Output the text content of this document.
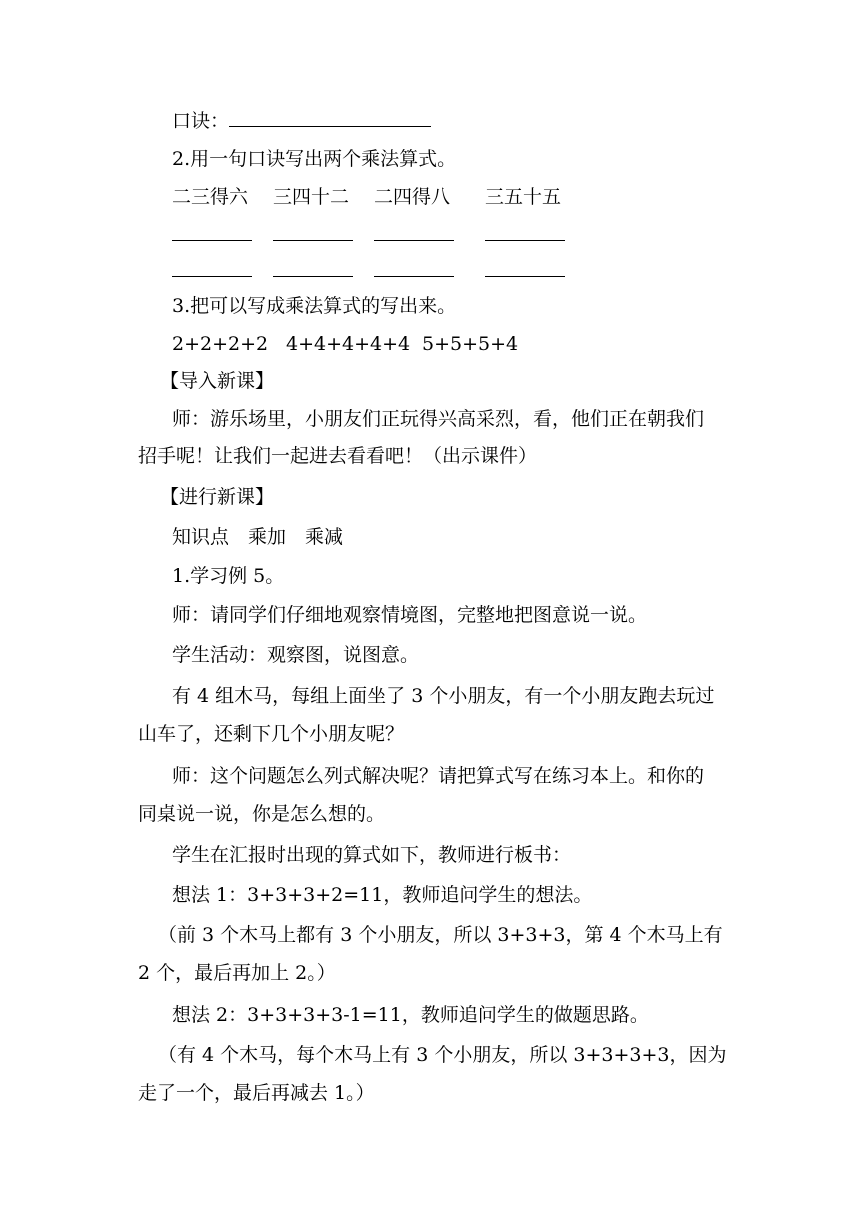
口诀：
2.用一句口诀写出两个乘法算式。
二三得六 三四十二 二四得八 三五十五
3.把可以写成乘法算式的写出来。
2+2+2+2 4+4+4+4+4 5+5+5+4
【导入新课】
师：游乐场里，小朋友们正玩得兴高采烈，看，他们正在朝我们
招手呢！让我们一起进去看看吧！（出示课件）
【进行新课】
知识点　乘加　乘减
1.学习例 5。
师：请同学们仔细地观察情境图，完整地把图意说一说。
学生活动：观察图，说图意。
有 4 组木马，每组上面坐了 3 个小朋友，有一个小朋友跑去玩过
山车了，还剩下几个小朋友呢？
师：这个问题怎么列式解决呢？请把算式写在练习本上。和你的
同桌说一说，你是怎么想的。
学生在汇报时出现的算式如下，教师进行板书：
想法 1：3+3+3+2=11，教师追问学生的想法。
（前 3 个木马上都有 3 个小朋友，所以 3+3+3，第 4 个木马上有
2 个，最后再加上 2。）
想法 2：3+3+3+3-1=11，教师追问学生的做题思路。
（有 4 个木马，每个木马上有 3 个小朋友，所以 3+3+3+3，因为
走了一个，最后再减去 1。）
